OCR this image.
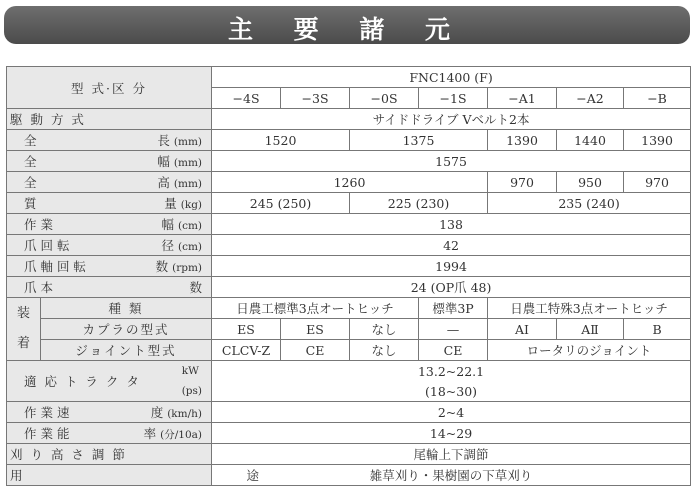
主 要 諸 元
型 式·区 分		FNC1400 (F)						
		−4S	−3S	−0S	−1S	−A1	−A2	−B
駆 動 方 式		サイドドライブ Vベルト2本						

全 長 (mm)		1520		1375		1390	1440	1390

全 幅 (mm)		1575						

全 高 (mm)		1260				970	950	970

質 量 (kg)		245 (250)		225 (230)		235 (240)		

作 業 幅 (cm)		138						

爪 回 転 径 (cm)		42						

爪 軸 回 転 数 (rpm)		1994						

爪 本 数		24 (OP爪 48)						
装着	種 類	日農工標準3点オートヒッチ			標準3P	日農工特殊3点オートヒッチ		
	カプラの型式	ES	ES	なし	—	AⅠ	AⅡ	B
	ジョイント型式	CLCV-Z	CE	なし	CE	ロータリのジョイント		

適 応 ト ラ ク タ
kW
(ps)		13.2~22.1						
		(18~30)						

作 業 速 度 (km/h)		2~4						

作 業 能 率 (分/10a)		14~29						
刈 り 高 さ 調 節		尾輪上下調節						
用 途		雑草刈り・果樹園の下草刈り						
